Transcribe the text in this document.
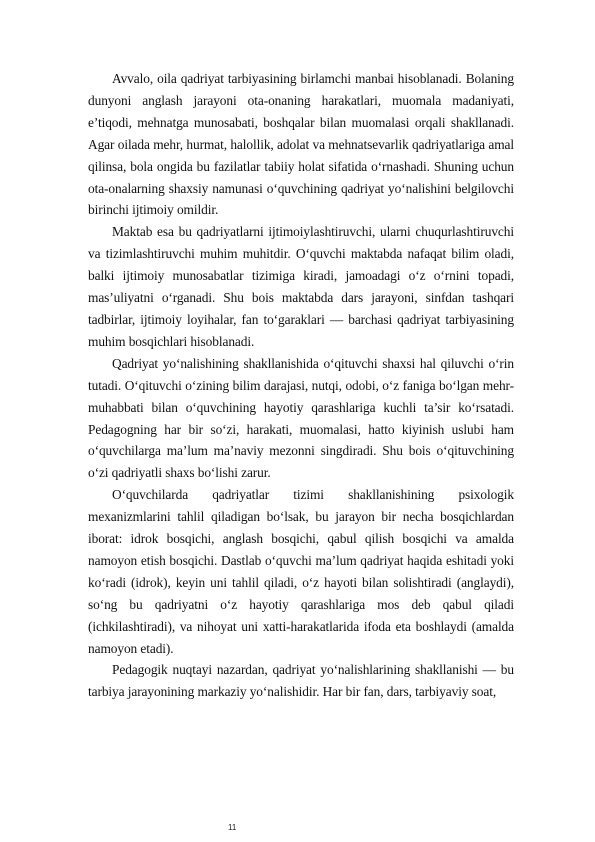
Avvalo, oila qadriyat tarbiyasining birlamchi manbai hisoblanadi. Bolaning dunyoni anglash jarayoni ota-onaning harakatlari, muomala madaniyati, e’tiqodi, mehnatga munosabati, boshqalar bilan muomalasi orqali shakllanadi. Agar oilada mehr, hurmat, halollik, adolat va mehnatsevarlik qadriyatlariga amal qilinsa, bola ongida bu fazilatlar tabiiy holat sifatida o‘rnashadi. Shuning uchun ota-onalarning shaxsiy namunasi o‘quvchining qadriyat yo‘nalishini belgilovchi birinchi ijtimoiy omildir.

Maktab esa bu qadriyatlarni ijtimoiylashtiruvchi, ularni chuqurlashtiruvchi va tizimlashtiruvchi muhim muhitdir. O‘quvchi maktabda nafaqat bilim oladi, balki ijtimoiy munosabatlar tizimiga kiradi, jamoadagi o‘z o‘rnini topadi, mas’uliyatni o‘rganadi. Shu bois maktabda dars jarayoni, sinfdan tashqari tadbirlar, ijtimoiy loyihalar, fan to‘garaklari — barchasi qadriyat tarbiyasining muhim bosqichlari hisoblanadi.

Qadriyat yo‘nalishining shakllanishida o‘qituvchi shaxsi hal qiluvchi o‘rin tutadi. O‘qituvchi o‘zining bilim darajasi, nutqi, odobi, o‘z faniga bo‘lgan mehr-muhabbati bilan o‘quvchining hayotiy qarashlariga kuchli ta’sir ko‘rsatadi. Pedagogning har bir so‘zi, harakati, muomalasi, hatto kiyinish uslubi ham o‘quvchilarga ma’lum ma’naviy mezonni singdiradi. Shu bois o‘qituvchining o‘zi qadriyatli shaxs bo‘lishi zarur.

O‘quvchilarda qadriyatlar tizimi shakllanishining psixologik mexanizmlarini tahlil qiladigan bo‘lsak, bu jarayon bir necha bosqichlardan iborat: idrok bosqichi, anglash bosqichi, qabul qilish bosqichi va amalda namoyon etish bosqichi. Dastlab o‘quvchi ma’lum qadriyat haqida eshitadi yoki ko‘radi (idrok), keyin uni tahlil qiladi, o‘z hayoti bilan solishtiradi (anglaydi), so‘ng bu qadriyatni o‘z hayotiy qarashlariga mos deb qabul qiladi (ichkilashtiradi), va nihoyat uni xatti-harakatlarida ifoda eta boshlaydi (amalda namoyon etadi).

Pedagogik nuqtayi nazardan, qadriyat yo‘nalishlarining shakllanishi — bu tarbiya jarayonining markaziy yo‘nalishidir. Har bir fan, dars, tarbiyaviy soat,

11
